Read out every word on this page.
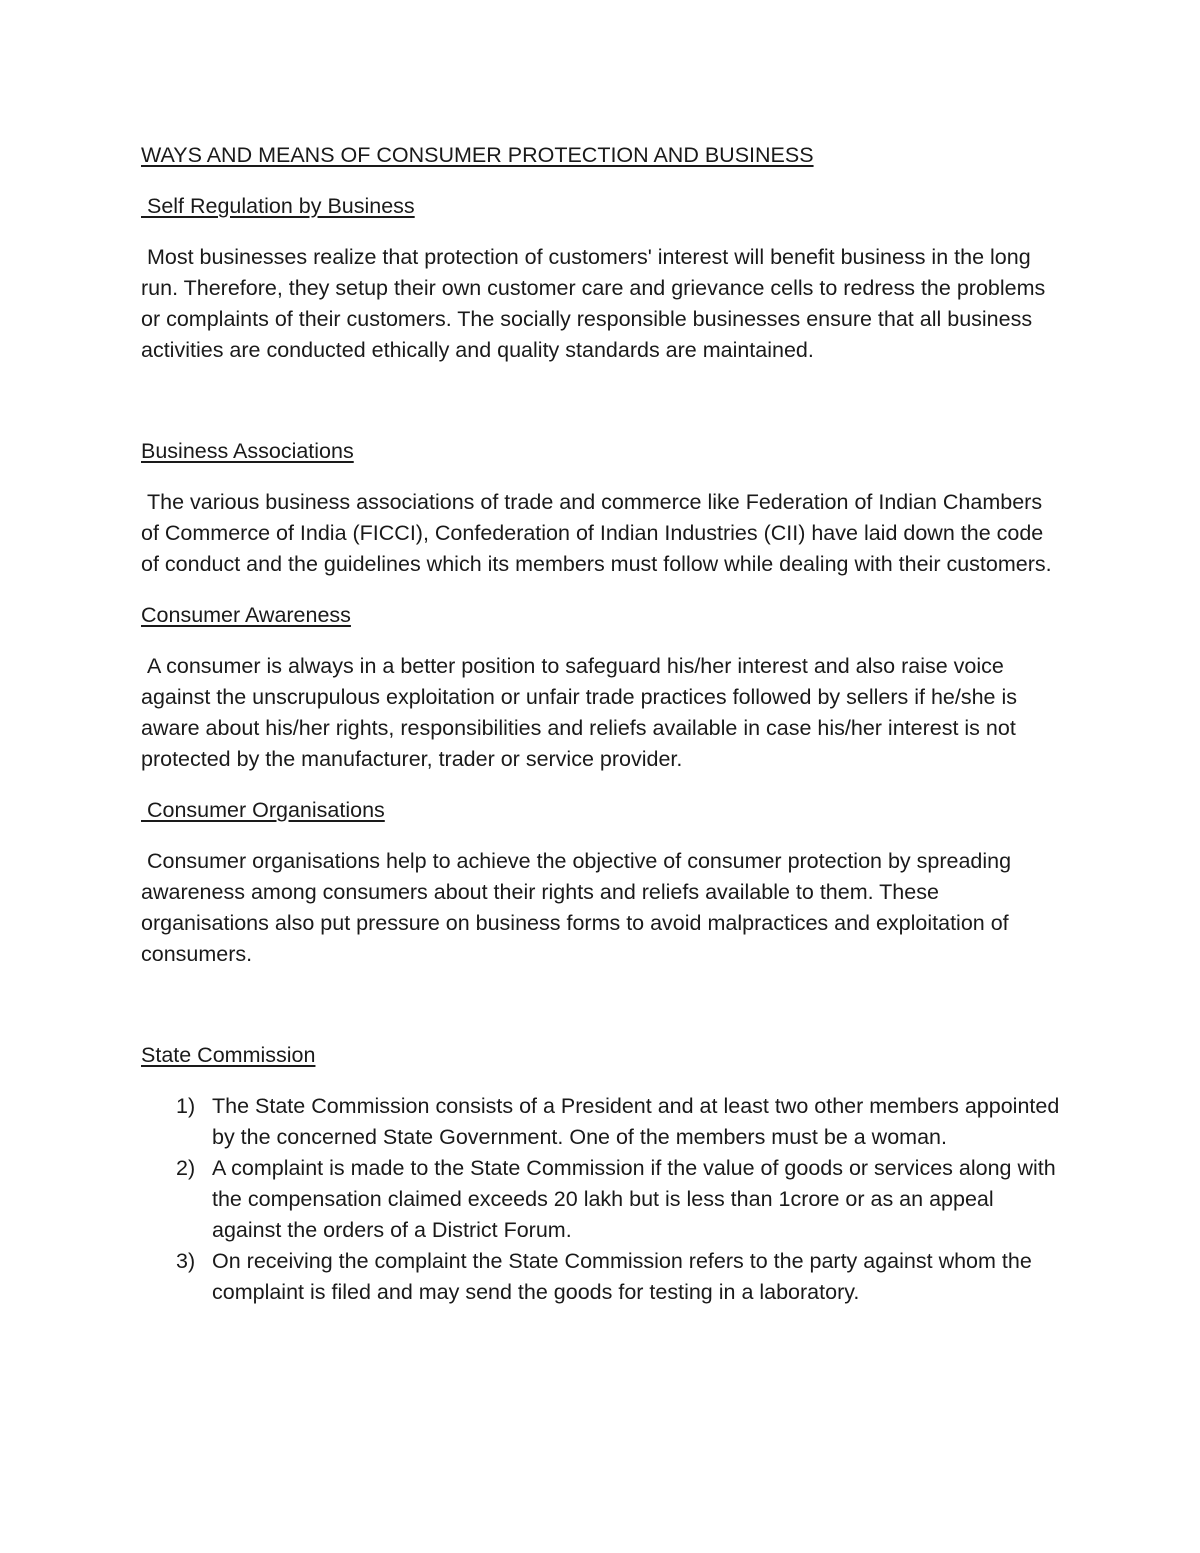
WAYS AND MEANS OF CONSUMER PROTECTION AND BUSINESS
Self Regulation by Business

Most businesses realize that protection of customers' interest will benefit business in the long run. Therefore, they setup their own customer care and grievance cells to redress the problems or complaints of their customers. The socially responsible businesses ensure that all business activities are conducted ethically and quality standards are maintained.

Business Associations

The various business associations of trade and commerce like Federation of Indian Chambers of Commerce of India (FICCI), Confederation of Indian Industries (CII) have laid down the code of conduct and the guidelines which its members must follow while dealing with their customers.

Consumer Awareness

A consumer is always in a better position to safeguard his/her interest and also raise voice against the unscrupulous exploitation or unfair trade practices followed by sellers if he/she is aware about his/her rights, responsibilities and reliefs available in case his/her interest is not protected by the manufacturer, trader or service provider.

Consumer Organisations

Consumer organisations help to achieve the objective of consumer protection by spreading awareness among consumers about their rights and reliefs available to them. These organisations also put pressure on business forms to avoid malpractices and exploitation of consumers.

State Commission
1) The State Commission consists of a President and at least two other members appointed by the concerned State Government. One of the members must be a woman.
2) A complaint is made to the State Commission if the value of goods or services along with the compensation claimed exceeds 20 lakh but is less than 1crore or as an appeal against the orders of a District Forum.
3) On receiving the complaint the State Commission refers to the party against whom the complaint is filed and may send the goods for testing in a laboratory.
